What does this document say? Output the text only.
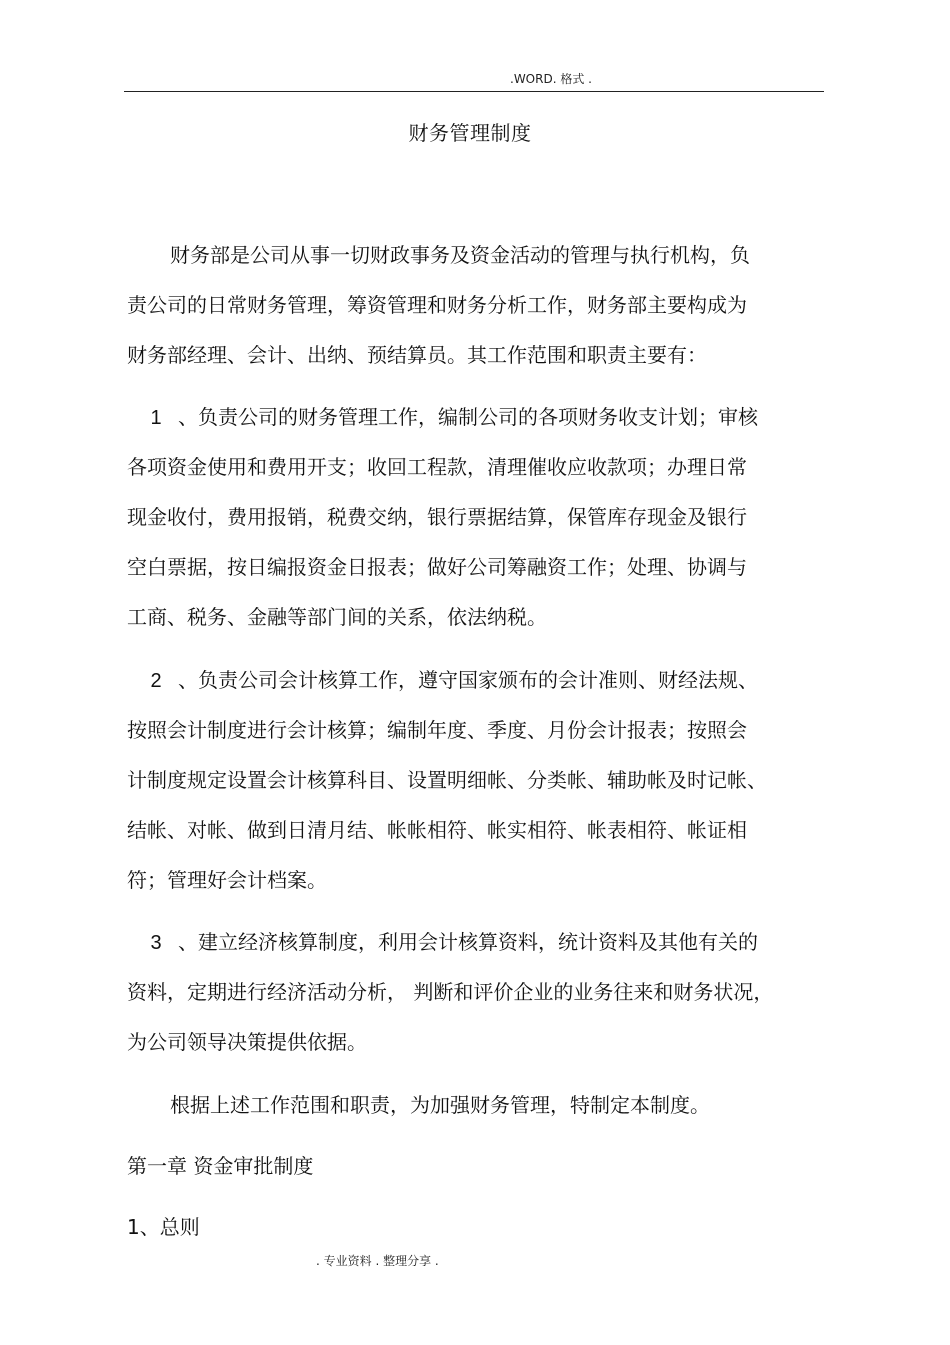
.WORD. 格式 .
财务管理制度
财务部是公司从事一切财政事务及资金活动的管理与执行机构，负
责公司的日常财务管理，筹资管理和财务分析工作，财务部主要构成为
财务部经理、会计、出纳、预结算员。其工作范围和职责主要有：
1 、负责公司的财务管理工作，编制公司的各项财务收支计划；审核
各项资金使用和费用开支；收回工程款，清理催收应收款项；办理日常
现金收付，费用报销，税费交纳，银行票据结算，保管库存现金及银行
空白票据，按日编报资金日报表；做好公司筹融资工作；处理、协调与
工商、税务、金融等部门间的关系，依法纳税。
2 、负责公司会计核算工作，遵守国家颁布的会计准则、财经法规、
按照会计制度进行会计核算；编制年度、季度、月份会计报表；按照会
计制度规定设置会计核算科目、设置明细帐、分类帐、辅助帐及时记帐、
结帐、对帐、做到日清月结、帐帐相符、帐实相符、帐表相符、帐证相
符；管理好会计档案。
3 、建立经济核算制度，利用会计核算资料，统计资料及其他有关的
资料，定期进行经济活动分析， 判断和评价企业的业务往来和财务状况，
为公司领导决策提供依据。
根据上述工作范围和职责，为加强财务管理，特制定本制度。
第一章 资金审批制度
1、总则
. 专业资料 . 整理分享 .
